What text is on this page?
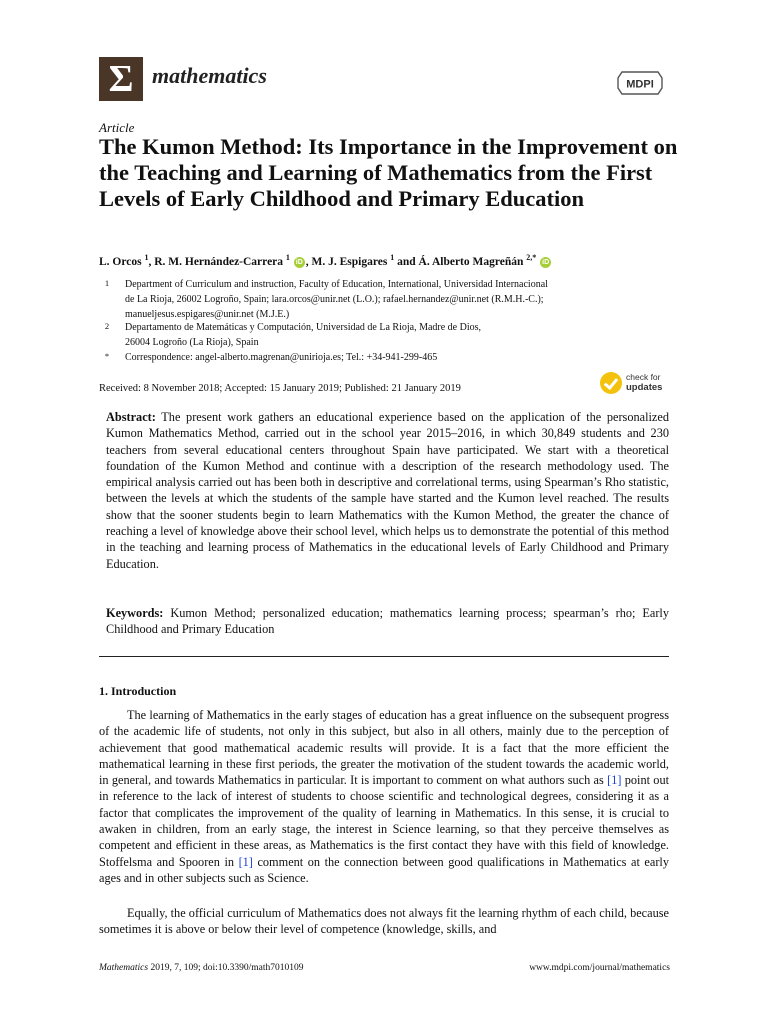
Σ mathematics	MDPI
Article
The Kumon Method: Its Importance in the Improvement on the Teaching and Learning of Mathematics from the First Levels of Early Childhood and Primary Education
L. Orcos $^1$, R. M. Hernández-Carrera $^1$ iD , M. J. Espigares $^1$ and Á. Alberto Magreñán $^{2,*}$ iD
1	Department of Curriculum and instruction, Faculty of Education, International, Universidad Internacional
de La Rioja, 26002 Logroño, Spain; lara.orcos@unir.net (L.O.); rafael.hernandez@unir.net (R.M.H.-C.);
manueljesus.espigares@unir.net (M.J.E.)
2	Departamento de Matemáticas y Computación, Universidad de La Rioja, Madre de Dios,
26004 Logroño (La Rioja), Spain
*	Correspondence: angel-alberto.magrenan@unirioja.es; Tel.: +34-941-299-465
Received: 8 November 2018; Accepted: 15 January 2019; Published: 21 January 2019
check for
updates

Abstract: The present work gathers an educational experience based on the application of the personalized Kumon Mathematics Method, carried out in the school year 2015–2016, in which 30,849 students and 230 teachers from several educational centers throughout Spain have participated. We start with a theoretical foundation of the Kumon Method and continue with a description of the research methodology used. The empirical analysis carried out has been both in descriptive and correlational terms, using Spearman’s Rho statistic, between the levels at which the students of the sample have started and the Kumon level reached. The results show that the sooner students begin to learn Mathematics with the Kumon Method, the greater the chance of reaching a level of knowledge above their school level, which helps us to demonstrate the potential of this method in the teaching and learning process of Mathematics in the educational levels of Early Childhood and Primary Education.

Keywords: Kumon Method; personalized education; mathematics learning process; spearman’s rho; Early Childhood and Primary Education

1. Introduction

The learning of Mathematics in the early stages of education has a great influence on the subsequent progress of the academic life of students, not only in this subject, but also in all others, mainly due to the perception of achievement that good mathematical academic results will provide. It is a fact that the more efficient the mathematical learning in these first periods, the greater the motivation of the student towards the academic world, in general, and towards Mathematics in particular. It is important to comment on what authors such as [1] point out in reference to the lack of interest of students to choose scientific and technological degrees, considering it as a factor that complicates the improvement of the quality of learning in Mathematics. In this sense, it is crucial to awaken in children, from an early stage, the interest in Science learning, so that they perceive themselves as competent and efficient in these areas, as Mathematics is the first contact they have with this field of knowledge. Stoffelsma and Spooren in [1] comment on the connection between good qualifications in Mathematics at early ages and in other subjects such as Science.

Equally, the official curriculum of Mathematics does not always fit the learning rhythm of each child, because sometimes it is above or below their level of competence (knowledge, skills, and

Mathematics 2019, 7, 109; doi:10.3390/math7010109	www.mdpi.com/journal/mathematics
